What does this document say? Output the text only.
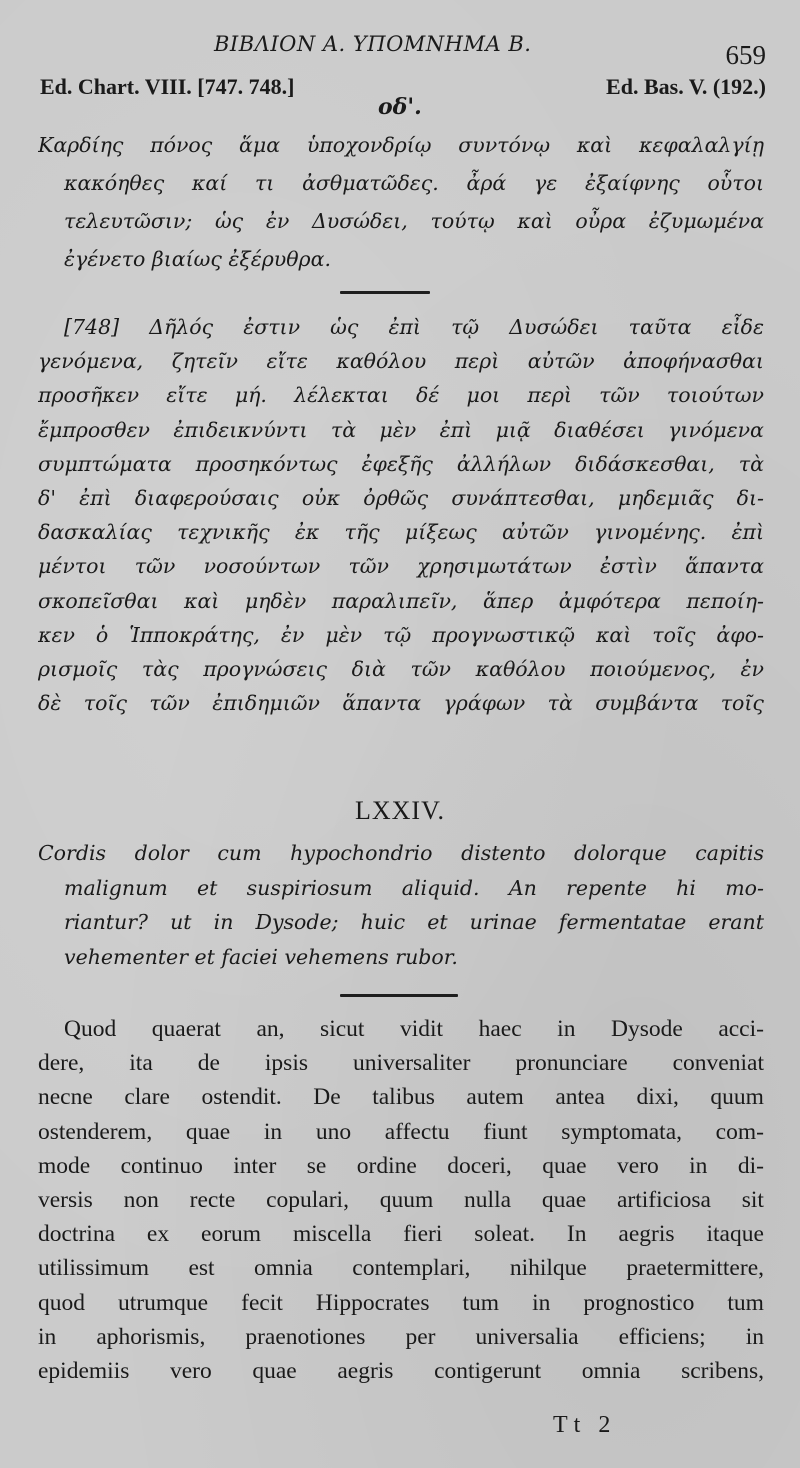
ΒΙΒΛΙΟΝ Α. ΥΠΟΜΝΗΜΑ Β.	659
Ed. Chart. VIII. [747. 748.]	Ed. Bas. V. (192.)
οδ'.
Καρδίης πόνος ἅμα ὑποχονδρίῳ συντόνῳ καὶ κεφαλαλγίῃ
κακόηθες καί τι ἀσθματῶδες. ἆρά γε ἐξαίφνης οὗτοι
τελευτῶσιν; ὡς ἐν Δυσώδει, τούτῳ καὶ οὖρα ἐζυμωμένα
ἐγένετο βιαίως ἐξέρυθρα.
[748] Δῆλός ἐστιν ὡς ἐπὶ τῷ Δυσώδει ταῦτα εἶδε
γενόμενα, ζητεῖν εἴτε καθόλου περὶ αὐτῶν ἀποφήνασθαι
προσῆκεν εἴτε μή. λέλεκται δέ μοι περὶ τῶν τοιούτων
ἔμπροσθεν ἐπιδεικνύντι τὰ μὲν ἐπὶ μιᾷ διαθέσει γινόμενα
συμπτώματα προσηκόντως ἐφεξῆς ἀλλήλων διδάσκεσθαι, τὰ
δ' ἐπὶ διαφερούσαις οὐκ ὀρθῶς συνάπτεσθαι, μηδεμιᾶς δι-
δασκαλίας τεχνικῆς ἐκ τῆς μίξεως αὐτῶν γινομένης. ἐπὶ
μέντοι τῶν νοσούντων τῶν χρησιμωτάτων ἐστὶν ἅπαντα
σκοπεῖσθαι καὶ μηδὲν παραλιπεῖν, ἅπερ ἀμφότερα πεποίη-
κεν ὁ Ἱπποκράτης, ἐν μὲν τῷ προγνωστικῷ καὶ τοῖς ἀφο-
ρισμοῖς τὰς προγνώσεις διὰ τῶν καθόλου ποιούμενος, ἐν
δὲ τοῖς τῶν ἐπιδημιῶν ἅπαντα γράφων τὰ συμβάντα τοῖς
LXXIV.
Cordis dolor cum hypochondrio distento dolorque capitis
malignum et suspiriosum aliquid. An repente hi mo-
riantur? ut in Dysode; huic et urinae fermentatae erant
vehementer et faciei vehemens rubor.
Quod quaerat an, sicut vidit haec in Dysode acci-
dere, ita de ipsis universaliter pronunciare conveniat
necne clare ostendit. De talibus autem antea dixi, quum
ostenderem, quae in uno affectu fiunt symptomata, com-
mode continuo inter se ordine doceri, quae vero in di-
versis non recte copulari, quum nulla quae artificiosa sit
doctrina ex eorum miscella fieri soleat. In aegris itaque
utilissimum est omnia contemplari, nihilque praetermittere,
quod utrumque fecit Hippocrates tum in prognostico tum
in aphorismis, praenotiones per universalia efficiens; in
epidemiis vero quae aegris contigerunt omnia scribens,
Tt 2
